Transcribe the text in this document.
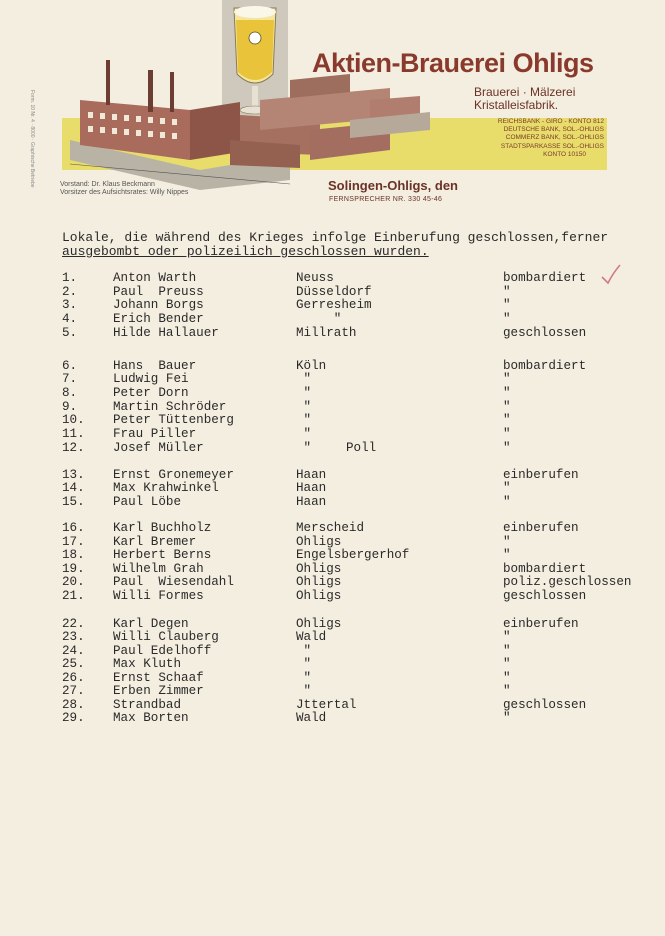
Aktien-Brauerei Ohligs
Brauerei · Mälzerei
Kristalleisfabrik.
REICHSBANK - GIRO - KONTO 812
DEUTSCHE BANK, SOL.-OHLIGS
COMMERZ BANK, SOL.-OHLIGS
STADTSPARKASSE SOL.-OHLIGS
KONTO 10150
Vorstand: Dr. Klaus Beckmann
Vorsitzer des Aufsichtsrates: Willy Nippes
Form. 10 Nr. 4 · 8000 · Graphische Betriebe	Solingen-Ohligs, den
FERNSPRECHER NR. 330 45-46
Lokale, die während des Krieges infolge Einberufung geschlossen,ferner
ausgebombt oder polizeilich geschlossen wurden.
1.	Anton Warth	Neuss	bombardiert
2.	Paul  Preuss	Düsseldorf	"
3.	Johann Borgs	Gerresheim	"
4.	Erich Bender	"	"
5.	Hilde Hallauer	Millrath	geschlossen
6.	Hans  Bauer	Köln	bombardiert
7.	Ludwig Fei	"	"
8.	Peter Dorn	"	"
9.	Martin Schröder	"	"
10. Peter Tüttenberg	"	"
11. Frau Piller	"	"
12. Josef Müller	"	Poll	"
13. Ernst Gronemeyer	Haan	einberufen
14. Max Krahwinkel	Haan	"
15. Paul Löbe	Haan	"
16. Karl Buchholz	Merscheid	einberufen
17. Karl Bremer	Ohligs	"
18. Herbert Berns	Engelsbergerhof	"
19. Wilhelm Grah	Ohligs	bombardiert
20. Paul  Wiesendahl	Ohligs	poliz.geschlossen
21. Willi Formes	Ohligs	geschlossen
22. Karl Degen	Ohligs	einberufen
23. Willi Clauberg	Wald	"
24. Paul Edelhoff	"	"
25. Max Kluth	"	"
26. Ernst Schaaf	"	"
27. Erben Zimmer	"	"
28. Strandbad	Jttertal	geschlossen
29. Max Borten	Wald	"
